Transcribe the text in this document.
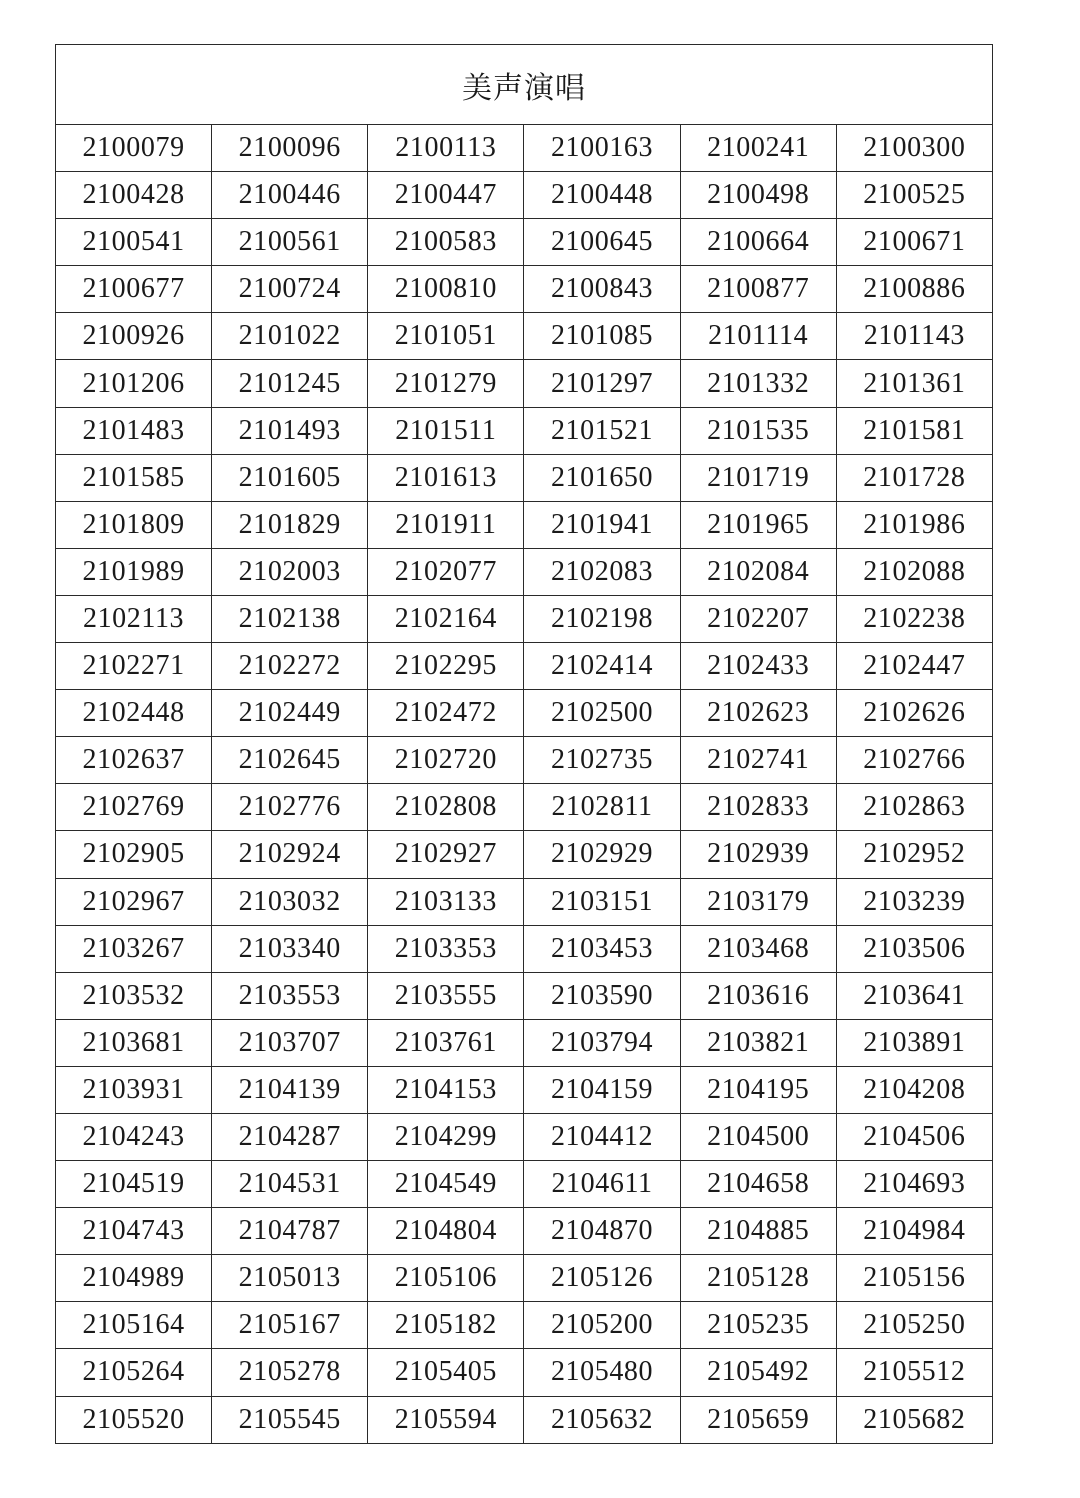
美声演唱					
2100079	2100096	2100113	2100163	2100241	2100300
2100428	2100446	2100447	2100448	2100498	2100525
2100541	2100561	2100583	2100645	2100664	2100671
2100677	2100724	2100810	2100843	2100877	2100886
2100926	2101022	2101051	2101085	2101114	2101143
2101206	2101245	2101279	2101297	2101332	2101361
2101483	2101493	2101511	2101521	2101535	2101581
2101585	2101605	2101613	2101650	2101719	2101728
2101809	2101829	2101911	2101941	2101965	2101986
2101989	2102003	2102077	2102083	2102084	2102088
2102113	2102138	2102164	2102198	2102207	2102238
2102271	2102272	2102295	2102414	2102433	2102447
2102448	2102449	2102472	2102500	2102623	2102626
2102637	2102645	2102720	2102735	2102741	2102766
2102769	2102776	2102808	2102811	2102833	2102863
2102905	2102924	2102927	2102929	2102939	2102952
2102967	2103032	2103133	2103151	2103179	2103239
2103267	2103340	2103353	2103453	2103468	2103506
2103532	2103553	2103555	2103590	2103616	2103641
2103681	2103707	2103761	2103794	2103821	2103891
2103931	2104139	2104153	2104159	2104195	2104208
2104243	2104287	2104299	2104412	2104500	2104506
2104519	2104531	2104549	2104611	2104658	2104693
2104743	2104787	2104804	2104870	2104885	2104984
2104989	2105013	2105106	2105126	2105128	2105156
2105164	2105167	2105182	2105200	2105235	2105250
2105264	2105278	2105405	2105480	2105492	2105512
2105520	2105545	2105594	2105632	2105659	2105682
